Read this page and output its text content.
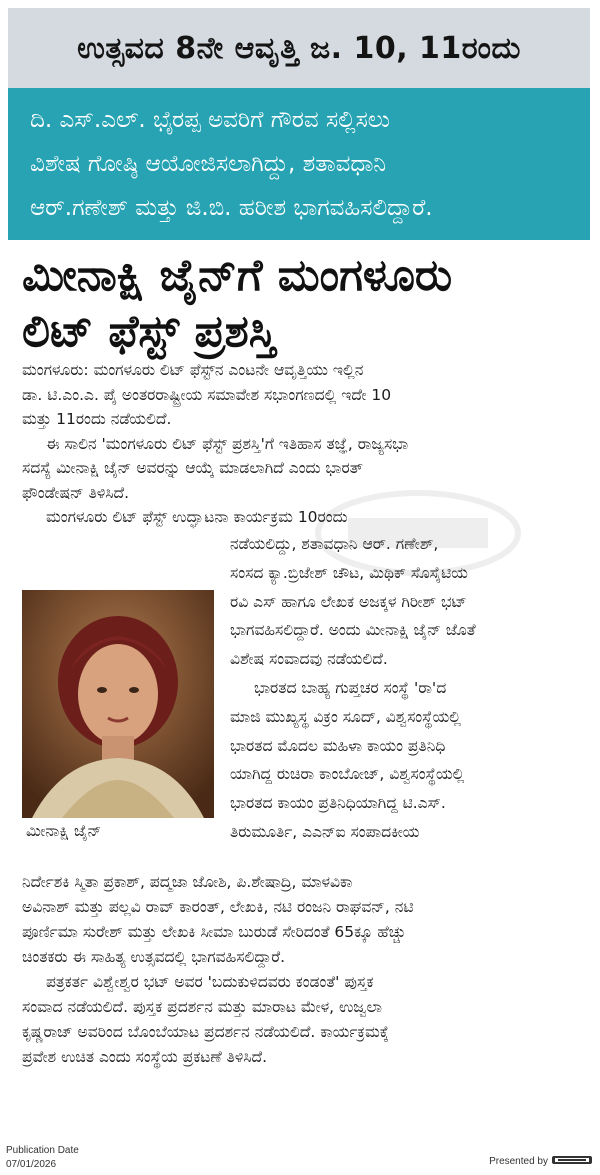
ಉತ್ಸವದ 8ನೇ ಆವೃತ್ತಿ ಜ. 10, 11ರಂದು
ದಿ. ಎಸ್.ಎಲ್. ಭೈರಪ್ಪ ಅವರಿಗೆ ಗೌರವ ಸಲ್ಲಿಸಲು
ವಿಶೇಷ ಗೋಷ್ಠಿ ಆಯೋಜಿಸಲಾಗಿದ್ದು, ಶತಾವಧಾನಿ
ಆರ್.ಗಣೇಶ್ ಮತ್ತು ಜಿ.ಬಿ. ಹರೀಶ ಭಾಗವಹಿಸಲಿದ್ದಾರೆ.
ಮೀನಾಕ್ಷಿ ಜೈನ್‌ಗೆ ಮಂಗಳೂರು
ಲಿಟ್ ಫೆಸ್ಟ್ ಪ್ರಶಸ್ತಿ
ಮಂಗಳೂರು: ಮಂಗಳೂರು ಲಿಟ್ ಫೆಸ್ಟ್‌ನ ಎಂಟನೇ ಆವೃತ್ತಿಯು ಇಲ್ಲಿನ
ಡಾ. ಟಿ.ಎಂ.ಎ. ಪೈ ಅಂತರರಾಷ್ಟ್ರೀಯ ಸಮಾವೇಶ ಸಭಾಂಗಣದಲ್ಲಿ ಇದೇ 10
ಮತ್ತು 11ರಂದು ನಡೆಯಲಿದೆ.
ಈ ಸಾಲಿನ 'ಮಂಗಳೂರು ಲಿಟ್ ಫೆಸ್ಟ್ ಪ್ರಶಸ್ತಿ'ಗೆ ಇತಿಹಾಸ ತಜ್ಞೆ, ರಾಜ್ಯಸಭಾ
ಸದಸ್ಯೆ ಮೀನಾಕ್ಷಿ ಜೈನ್ ಅವರನ್ನು ಆಯ್ಕೆ ಮಾಡಲಾಗಿದೆ ಎಂದು ಭಾರತ್
ಫೌಂಡೇಷನ್ ತಿಳಿಸಿದೆ.
ಮಂಗಳೂರು ಲಿಟ್ ಫೆಸ್ಟ್ ಉದ್ಘಾಟನಾ ಕಾರ್ಯಕ್ರಮ 10ರಂದು
ಮೀನಾಕ್ಷಿ ಜೈನ್
ನಡೆಯಲಿದ್ದು, ಶತಾವಧಾನಿ ಆರ್. ಗಣೇಶ್,
ಸಂಸದ ಕ್ಯಾ.ಬ್ರಿಜೇಶ್ ಚೌಟ, ಮಿಥಿಕ್ ಸೊಸೈಟಿಯ
ರವಿ ಎಸ್ ಹಾಗೂ ಲೇಖಕ ಅಜಕ್ಕಳ ಗಿರೀಶ್ ಭಟ್
ಭಾಗವಹಿಸಲಿದ್ದಾರೆ. ಅಂದು ಮೀನಾಕ್ಷಿ ಜೈನ್ ಜೊತೆ
ವಿಶೇಷ ಸಂವಾದವು ನಡೆಯಲಿದೆ.
ಭಾರತದ ಬಾಹ್ಯ ಗುಪ್ತಚರ ಸಂಸ್ಥೆ 'ರಾ'ದ
ಮಾಜಿ ಮುಖ್ಯಸ್ಥ ವಿಕ್ರಂ ಸೂದ್, ವಿಶ್ವಸಂಸ್ಥೆಯಲ್ಲಿ
ಭಾರತದ ಮೊದಲ ಮಹಿಳಾ ಕಾಯಂ ಪ್ರತಿನಿಧಿ
ಯಾಗಿದ್ದ ರುಚಿರಾ ಕಾಂಬೋಜ್, ವಿಶ್ವಸಂಸ್ಥೆಯಲ್ಲಿ
ಭಾರತದ ಕಾಯಂ ಪ್ರತಿನಿಧಿಯಾಗಿದ್ದ ಟಿ.ಎಸ್.
ತಿರುಮೂರ್ತಿ, ಎಎನ್‌ಐ ಸಂಪಾದಕೀಯ
ನಿರ್ದೇಶಕಿ ಸ್ಮಿತಾ ಪ್ರಕಾಶ್, ಪದ್ಮಜಾ ಜೋಶಿ, ಪಿ.ಶೇಷಾದ್ರಿ, ಮಾಳವಿಕಾ
ಅವಿನಾಶ್ ಮತ್ತು ಪಲ್ಲವಿ ರಾವ್ ಕಾರಂತ್, ಲೇಖಕಿ, ನಟಿ ರಂಜನಿ ರಾಘವನ್, ನಟಿ
ಪೂರ್ಣಿಮಾ ಸುರೇಶ್ ಮತ್ತು ಲೇಖಕಿ ಸೀಮಾ ಬುರುಡೆ ಸೇರಿದಂತೆ 65ಕ್ಕೂ ಹೆಚ್ಚು
ಚಿಂತಕರು ಈ ಸಾಹಿತ್ಯ ಉತ್ಸವದಲ್ಲಿ ಭಾಗವಹಿಸಲಿದ್ದಾರೆ.
ಪತ್ರಕರ್ತ ವಿಶ್ವೇಶ್ವರ ಭಟ್ ಅವರ 'ಬದುಕುಳಿದವರು ಕಂಡಂತೆ' ಪುಸ್ತಕ
ಸಂವಾದ ನಡೆಯಲಿದೆ. ಪುಸ್ತಕ ಪ್ರದರ್ಶನ ಮತ್ತು ಮಾರಾಟ ಮೇಳ, ಉಜ್ವಲಾ
ಕೃಷ್ಣರಾಜ್ ಅವರಿಂದ ಬೊಂಬೆಯಾಟ ಪ್ರದರ್ಶನ ನಡೆಯಲಿದೆ. ಕಾರ್ಯಕ್ರಮಕ್ಕೆ
ಪ್ರವೇಶ ಉಚಿತ ಎಂದು ಸಂಸ್ಥೆಯ ಪ್ರಕಟಣೆ ತಿಳಿಸಿದೆ.
Publication Date
07/01/2026	Presented by
